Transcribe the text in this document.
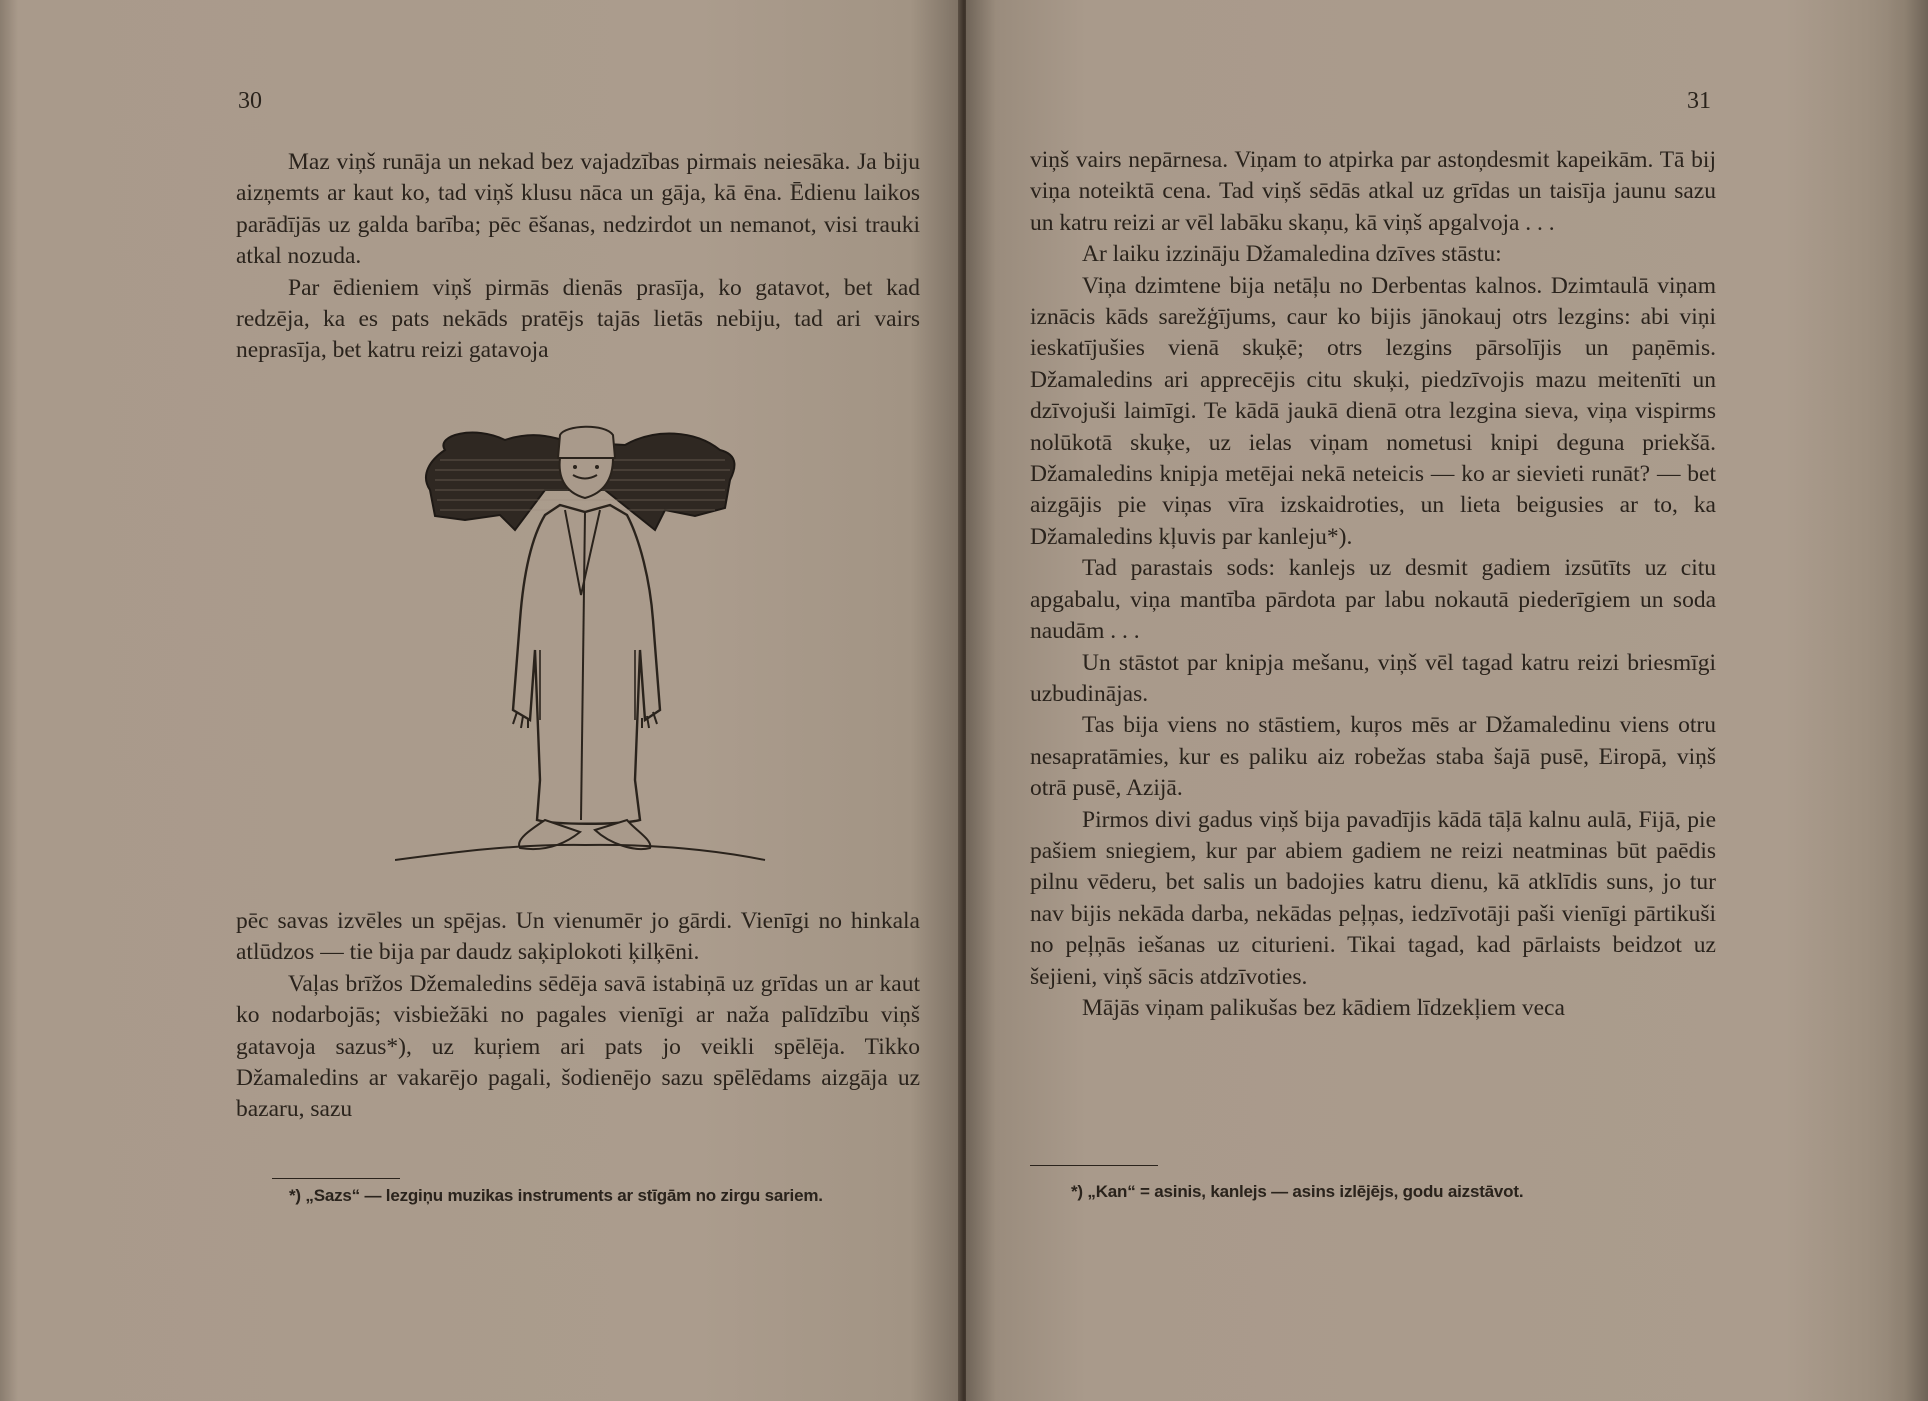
30

Maz viņš runāja un nekad bez vajadzības pirmais neiesāka. Ja biju aizņemts ar kaut ko, tad viņš klusu nāca un gāja, kā ēna. Ēdienu laikos parādījās uz galda barība; pēc ēšanas, nedzirdot un nemanot, visi trauki atkal nozuda.

Par ēdieniem viņš pirmās dienās prasīja, ko gatavot, bet kad redzēja, ka es pats nekāds pratējs tajās lietās nebiju, tad ari vairs neprasīja, bet katru reizi gatavoja

pēc savas izvēles un spējas. Un vienumēr jo gārdi. Vienīgi no hinkala atlūdzos — tie bija par daudz saķiplokoti ķilķēni.

Vaļas brīžos Džemaledins sēdēja savā istabiņā uz grīdas un ar kaut ko nodarbojās; visbiežāki no pagales vienīgi ar naža palīdzību viņš gatavoja sazus*), uz kuŗiem ari pats jo veikli spēlēja. Tikko Džamaledins ar vakarējo pagali, šodienējo sazu spēlēdams aizgāja uz bazaru, sazu

*) „Sazs“ — lezgiņu muzikas instruments ar stīgām no zirgu sariem.
31

viņš vairs nepārnesa. Viņam to atpirka par astoņdesmit kapeikām. Tā bij viņa noteiktā cena. Tad viņš sēdās atkal uz grīdas un taisīja jaunu sazu un katru reizi ar vēl labāku skaņu, kā viņš apgalvoja . . .

Ar laiku izzināju Džamaledina dzīves stāstu:

Viņa dzimtene bija netāļu no Derbentas kalnos. Dzimtaulā viņam iznācis kāds sarežģījums, caur ko bijis jānokauj otrs lezgins: abi viņi ieskatījušies vienā skuķē; otrs lezgins pārsolījis un paņēmis. Džamaledins ari apprecējis citu skuķi, piedzīvojis mazu meitenīti un dzīvojuši laimīgi. Te kādā jaukā dienā otra lezgina sieva, viņa vispirms nolūkotā skuķe, uz ielas viņam nometusi knipi deguna priekšā. Džamaledins knipja metējai nekā neteicis — ko ar sievieti runāt? — bet aizgājis pie viņas vīra izskaidroties, un lieta beigusies ar to, ka Džamaledins kļuvis par kanleju*).

Tad parastais sods: kanlejs uz desmit gadiem izsūtīts uz citu apgabalu, viņa mantība pārdota par labu nokautā piederīgiem un soda naudām . . .

Un stāstot par knipja mešanu, viņš vēl tagad katru reizi briesmīgi uzbudinājas.

Tas bija viens no stāstiem, kuŗos mēs ar Džamaledinu viens otru nesapratāmies, kur es paliku aiz robežas staba šajā pusē, Eiropā, viņš otrā pusē, Azijā.

Pirmos divi gadus viņš bija pavadījis kādā tāļā kalnu aulā, Fijā, pie pašiem sniegiem, kur par abiem gadiem ne reizi neatminas būt paēdis pilnu vēderu, bet salis un badojies katru dienu, kā atklīdis suns, jo tur nav bijis nekāda darba, nekādas peļņas, iedzīvotāji paši vienīgi pārtikuši no peļņās iešanas uz citurieni. Tikai tagad, kad pārlaists beidzot uz šejieni, viņš sācis atdzīvoties.

Mājās viņam palikušas bez kādiem līdzekļiem veca

*) „Kan“ = asinis, kanlejs — asins izlējējs, godu aizstāvot.
